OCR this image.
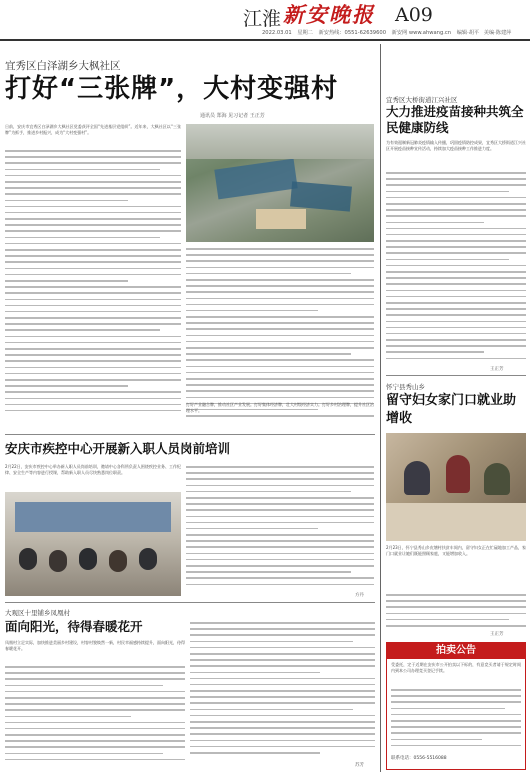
江淮 新安晚报	A09
2022.03.01 星期二 新安热线：0551-62639600 新安网 www.ahwang.cn 编辑·胡平 美编·陈建萍
宜秀区白泽湖乡大枫社区
打好“三张牌”，大村变强村
通讯员 郑海 见习记者 王正芳
日前，安庆市宜秀区白泽湖乡大枫社区党委获评全国“先进基层党组织”。近年来，大枫社区以“三张牌”为抓手，推进乡村振兴，成为“大村变强村”。
打好产业融合牌，推动社区产业发展。打好集体经济牌，壮大村级经济实力。打好乡村治理牌，提升社区治理水平。
宜秀区大桥街道江兴社区
大力推进疫苗接种共筑全民健康防线
为有效遏制新冠肺炎疫情输入传播，巩固疫情防控成果，宜秀区大桥街道江兴社区开展疫苗接种宣传活动，持续加大疫苗接种工作推进力度。
王正芳
怀宁县秀山乡
留守妇女家门口就业助增收
2月23日，怀宁县秀山乡皮塘村扶贫车间内，留守妇女正在忙碌地加工产品，家门口就业让她们既能照顾家庭，又能增加收入。
王正芳
拍卖公告
受委托，定于近期在安庆市公开拍卖以下标的，有意竞买者请于规定时间内到本公司办理竞买登记手续。
联系电话：0556-5516088
安庆市疾控中心开展新入职人员岗前培训
2月22日，安庆市疾控中心举办新入职人员岗前培训，邀请中心各科所负责人围绕疾控业务、工作纪律、安全生产等内容进行授课，帮助新入职人员尽快熟悉岗位职责。
方丹
大观区十里铺乡凤凰村
面向阳光，待得春暖花开
凤凰村立足实际，加快推进美丽乡村建设，村容村貌焕然一新，村民幸福感持续提升，面向阳光，待得春暖花开。
苏芳
